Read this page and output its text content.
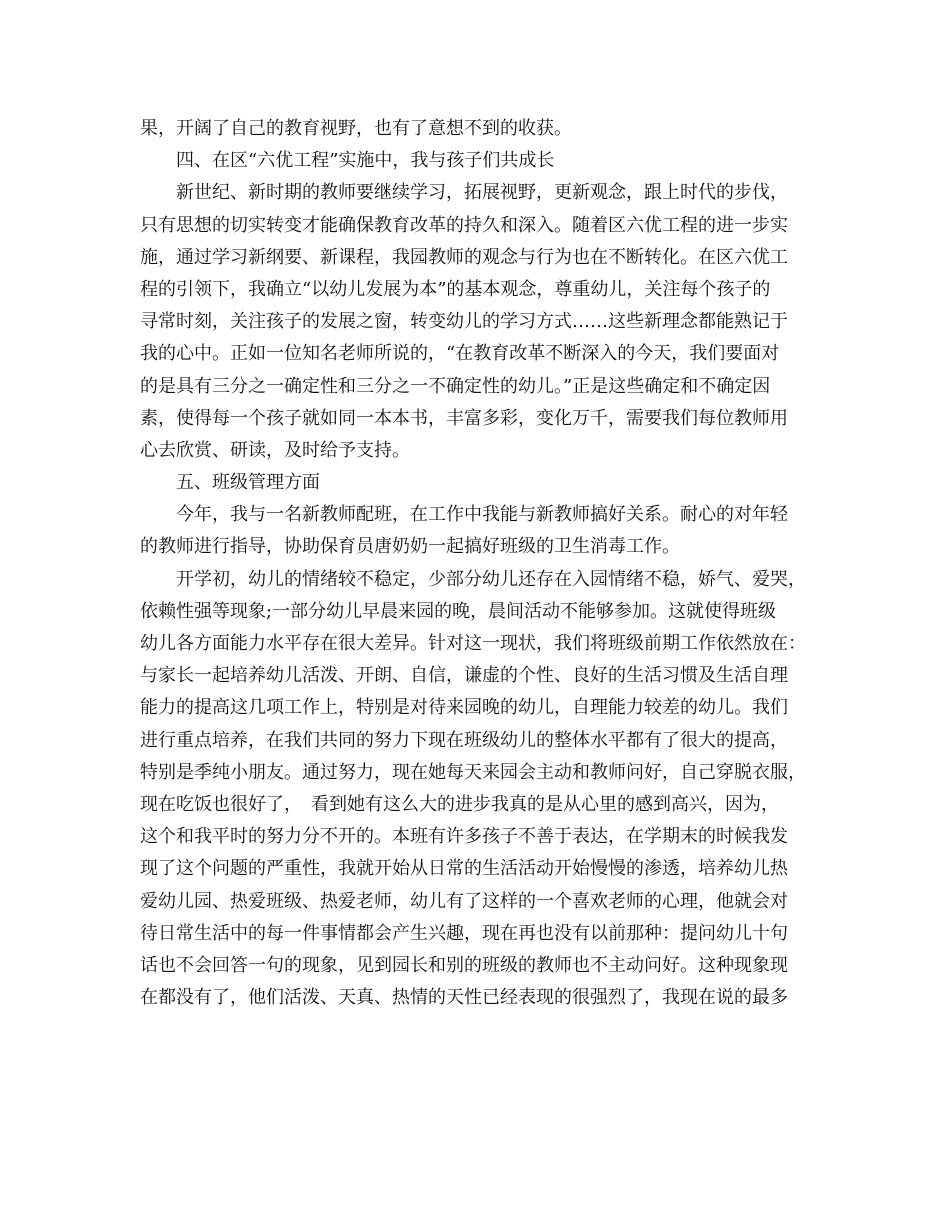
果，开阔了自己的教育视野，也有了意想不到的收获。
四、在区“六优工程”实施中，我与孩子们共成长
新世纪、新时期的教师要继续学习，拓展视野，更新观念，跟上时代的步伐，
只有思想的切实转变才能确保教育改革的持久和深入。随着区六优工程的进一步实
施，通过学习新纲要、新课程，我园教师的观念与行为也在不断转化。在区六优工
程的引领下，我确立“以幼儿发展为本”的基本观念，尊重幼儿，关注每个孩子的
寻常时刻，关注孩子的发展之窗，转变幼儿的学习方式……这些新理念都能熟记于
我的心中。正如一位知名老师所说的，“在教育改革不断深入的今天，我们要面对
的是具有三分之一确定性和三分之一不确定性的幼儿。”正是这些确定和不确定因
素，使得每一个孩子就如同一本本书，丰富多彩，变化万千，需要我们每位教师用
心去欣赏、研读，及时给予支持。
五、班级管理方面
今年，我与一名新教师配班，在工作中我能与新教师搞好关系。耐心的对年轻
的教师进行指导，协助保育员唐奶奶一起搞好班级的卫生消毒工作。
开学初，幼儿的情绪较不稳定，少部分幼儿还存在入园情绪不稳，娇气、爱哭，
依赖性强等现象;一部分幼儿早晨来园的晚，晨间活动不能够参加。这就使得班级
幼儿各方面能力水平存在很大差异。针对这一现状，我们将班级前期工作依然放在：
与家长一起培养幼儿活泼、开朗、自信，谦虚的个性、良好的生活习惯及生活自理
能力的提高这几项工作上，特别是对待来园晚的幼儿，自理能力较差的幼儿。我们
进行重点培养，在我们共同的努力下现在班级幼儿的整体水平都有了很大的提高，
特别是季纯小朋友。通过努力，现在她每天来园会主动和教师问好，自己穿脱衣服，
现在吃饭也很好了，　看到她有这么大的进步我真的是从心里的感到高兴，因为，
这个和我平时的努力分不开的。本班有许多孩子不善于表达，在学期末的时候我发
现了这个问题的严重性，我就开始从日常的生活活动开始慢慢的渗透，培养幼儿热
爱幼儿园、热爱班级、热爱老师，幼儿有了这样的一个喜欢老师的心理，他就会对
待日常生活中的每一件事情都会产生兴趣，现在再也没有以前那种：提问幼儿十句
话也不会回答一句的现象，见到园长和别的班级的教师也不主动问好。这种现象现
在都没有了，他们活泼、天真、热情的天性已经表现的很强烈了，我现在说的最多
